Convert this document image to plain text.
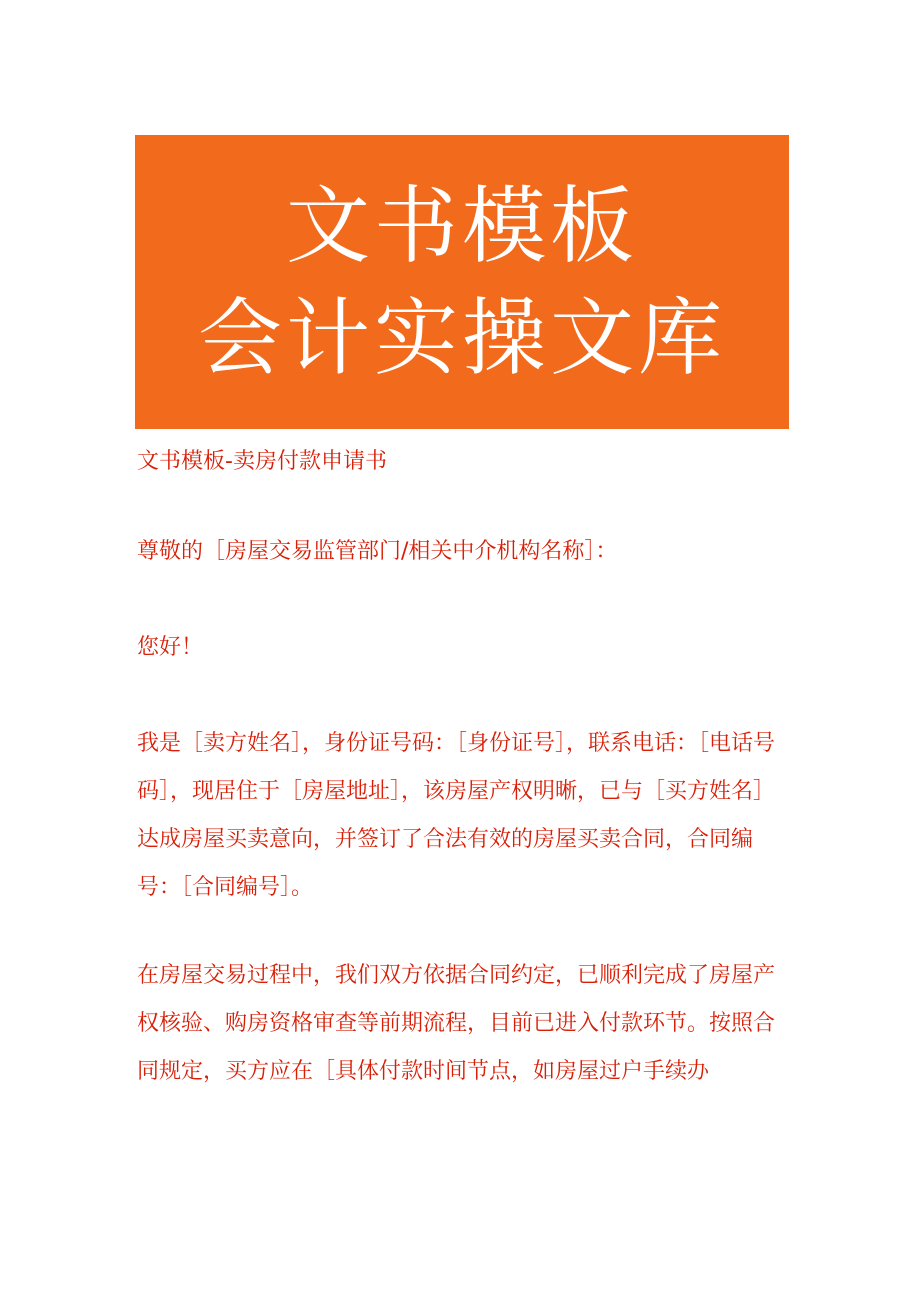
文书模板
会计实操文库
文书模板-卖房付款申请书

尊敬的［房屋交易监管部门/相关中介机构名称］：

您好！

我是［卖方姓名］，身份证号码：［身份证号］，联系电话：［电话号码］，现居住于［房屋地址］，该房屋产权明晰，已与［买方姓名］达成房屋买卖意向，并签订了合法有效的房屋买卖合同，合同编号：［合同编号］。

在房屋交易过程中，我们双方依据合同约定，已顺利完成了房屋产权核验、购房资格审查等前期流程，目前已进入付款环节。按照合同规定，买方应在［具体付款时间节点，如房屋过户手续办
